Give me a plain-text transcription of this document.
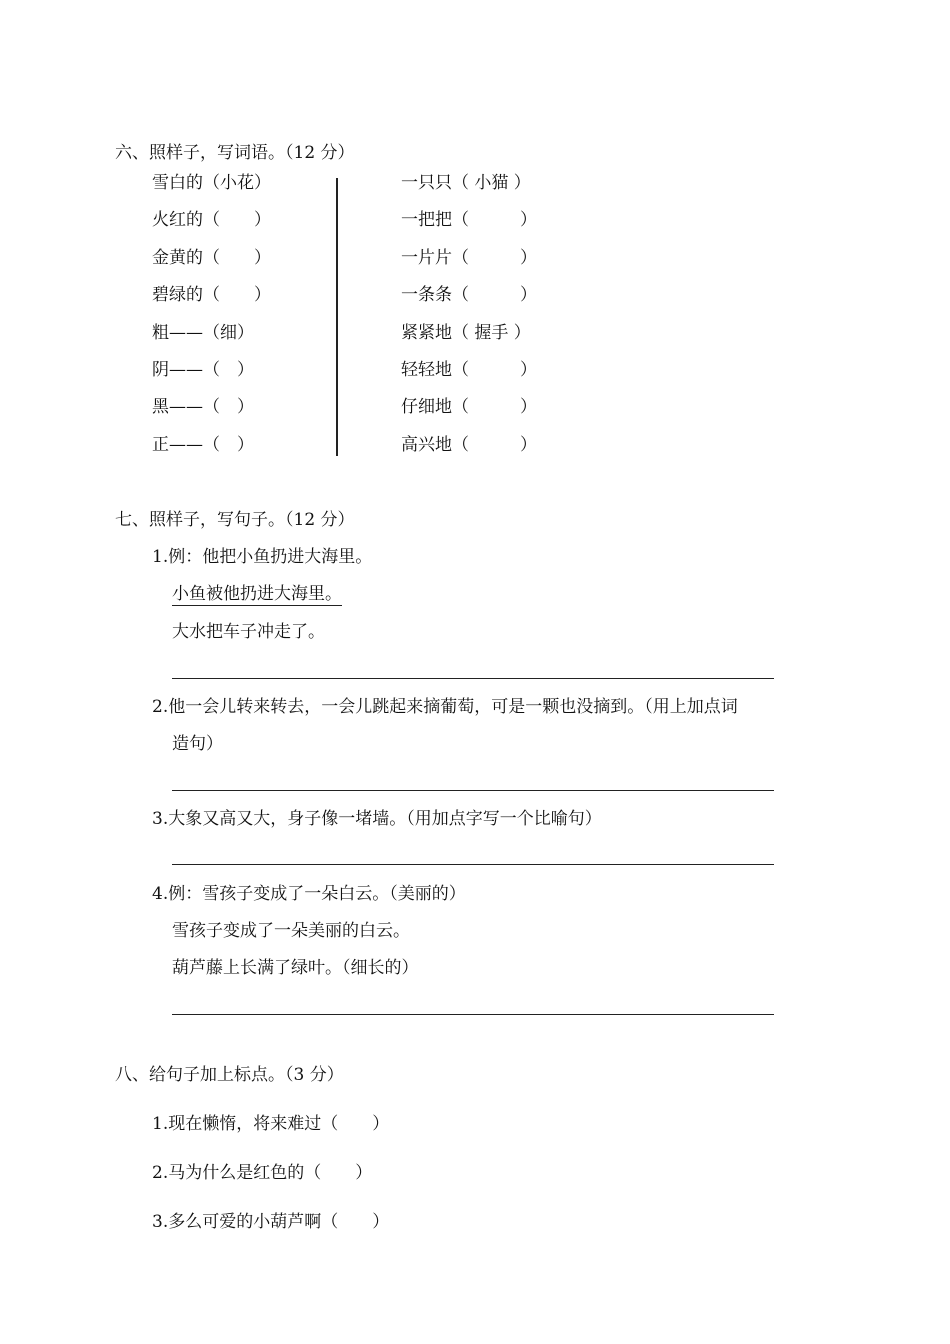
六、照样子，写词语。（12 分）
雪白的（小花）
火红的（　　）
金黄的（　　）
碧绿的（　　）
粗——（细）
阴——（　）
黑——（　）
正——（　）
一只只（ 小猫 ）
一把把（　　　）
一片片（　　　）
一条条（　　　）
紧紧地（ 握手 ）
轻轻地（　　　）
仔细地（　　　）
高兴地（　　　）
七、照样子，写句子。（12 分）
1.例：他把小鱼扔进大海里。
小鱼被他扔进大海里。
大水把车子冲走了。
2.他一会儿转来转去，一会儿跳起来摘葡萄，可是一颗也没摘到。（用上加点词
造句）
3.大象又高又大，身子像一堵墙。（用加点字写一个比喻句）
4.例：雪孩子变成了一朵白云。（美丽的）
雪孩子变成了一朵美丽的白云。
葫芦藤上长满了绿叶。（细长的）
八、给句子加上标点。（3 分）
1.现在懒惰，将来难过（　　）
2.马为什么是红色的（　　）
3.多么可爱的小葫芦啊（　　）
